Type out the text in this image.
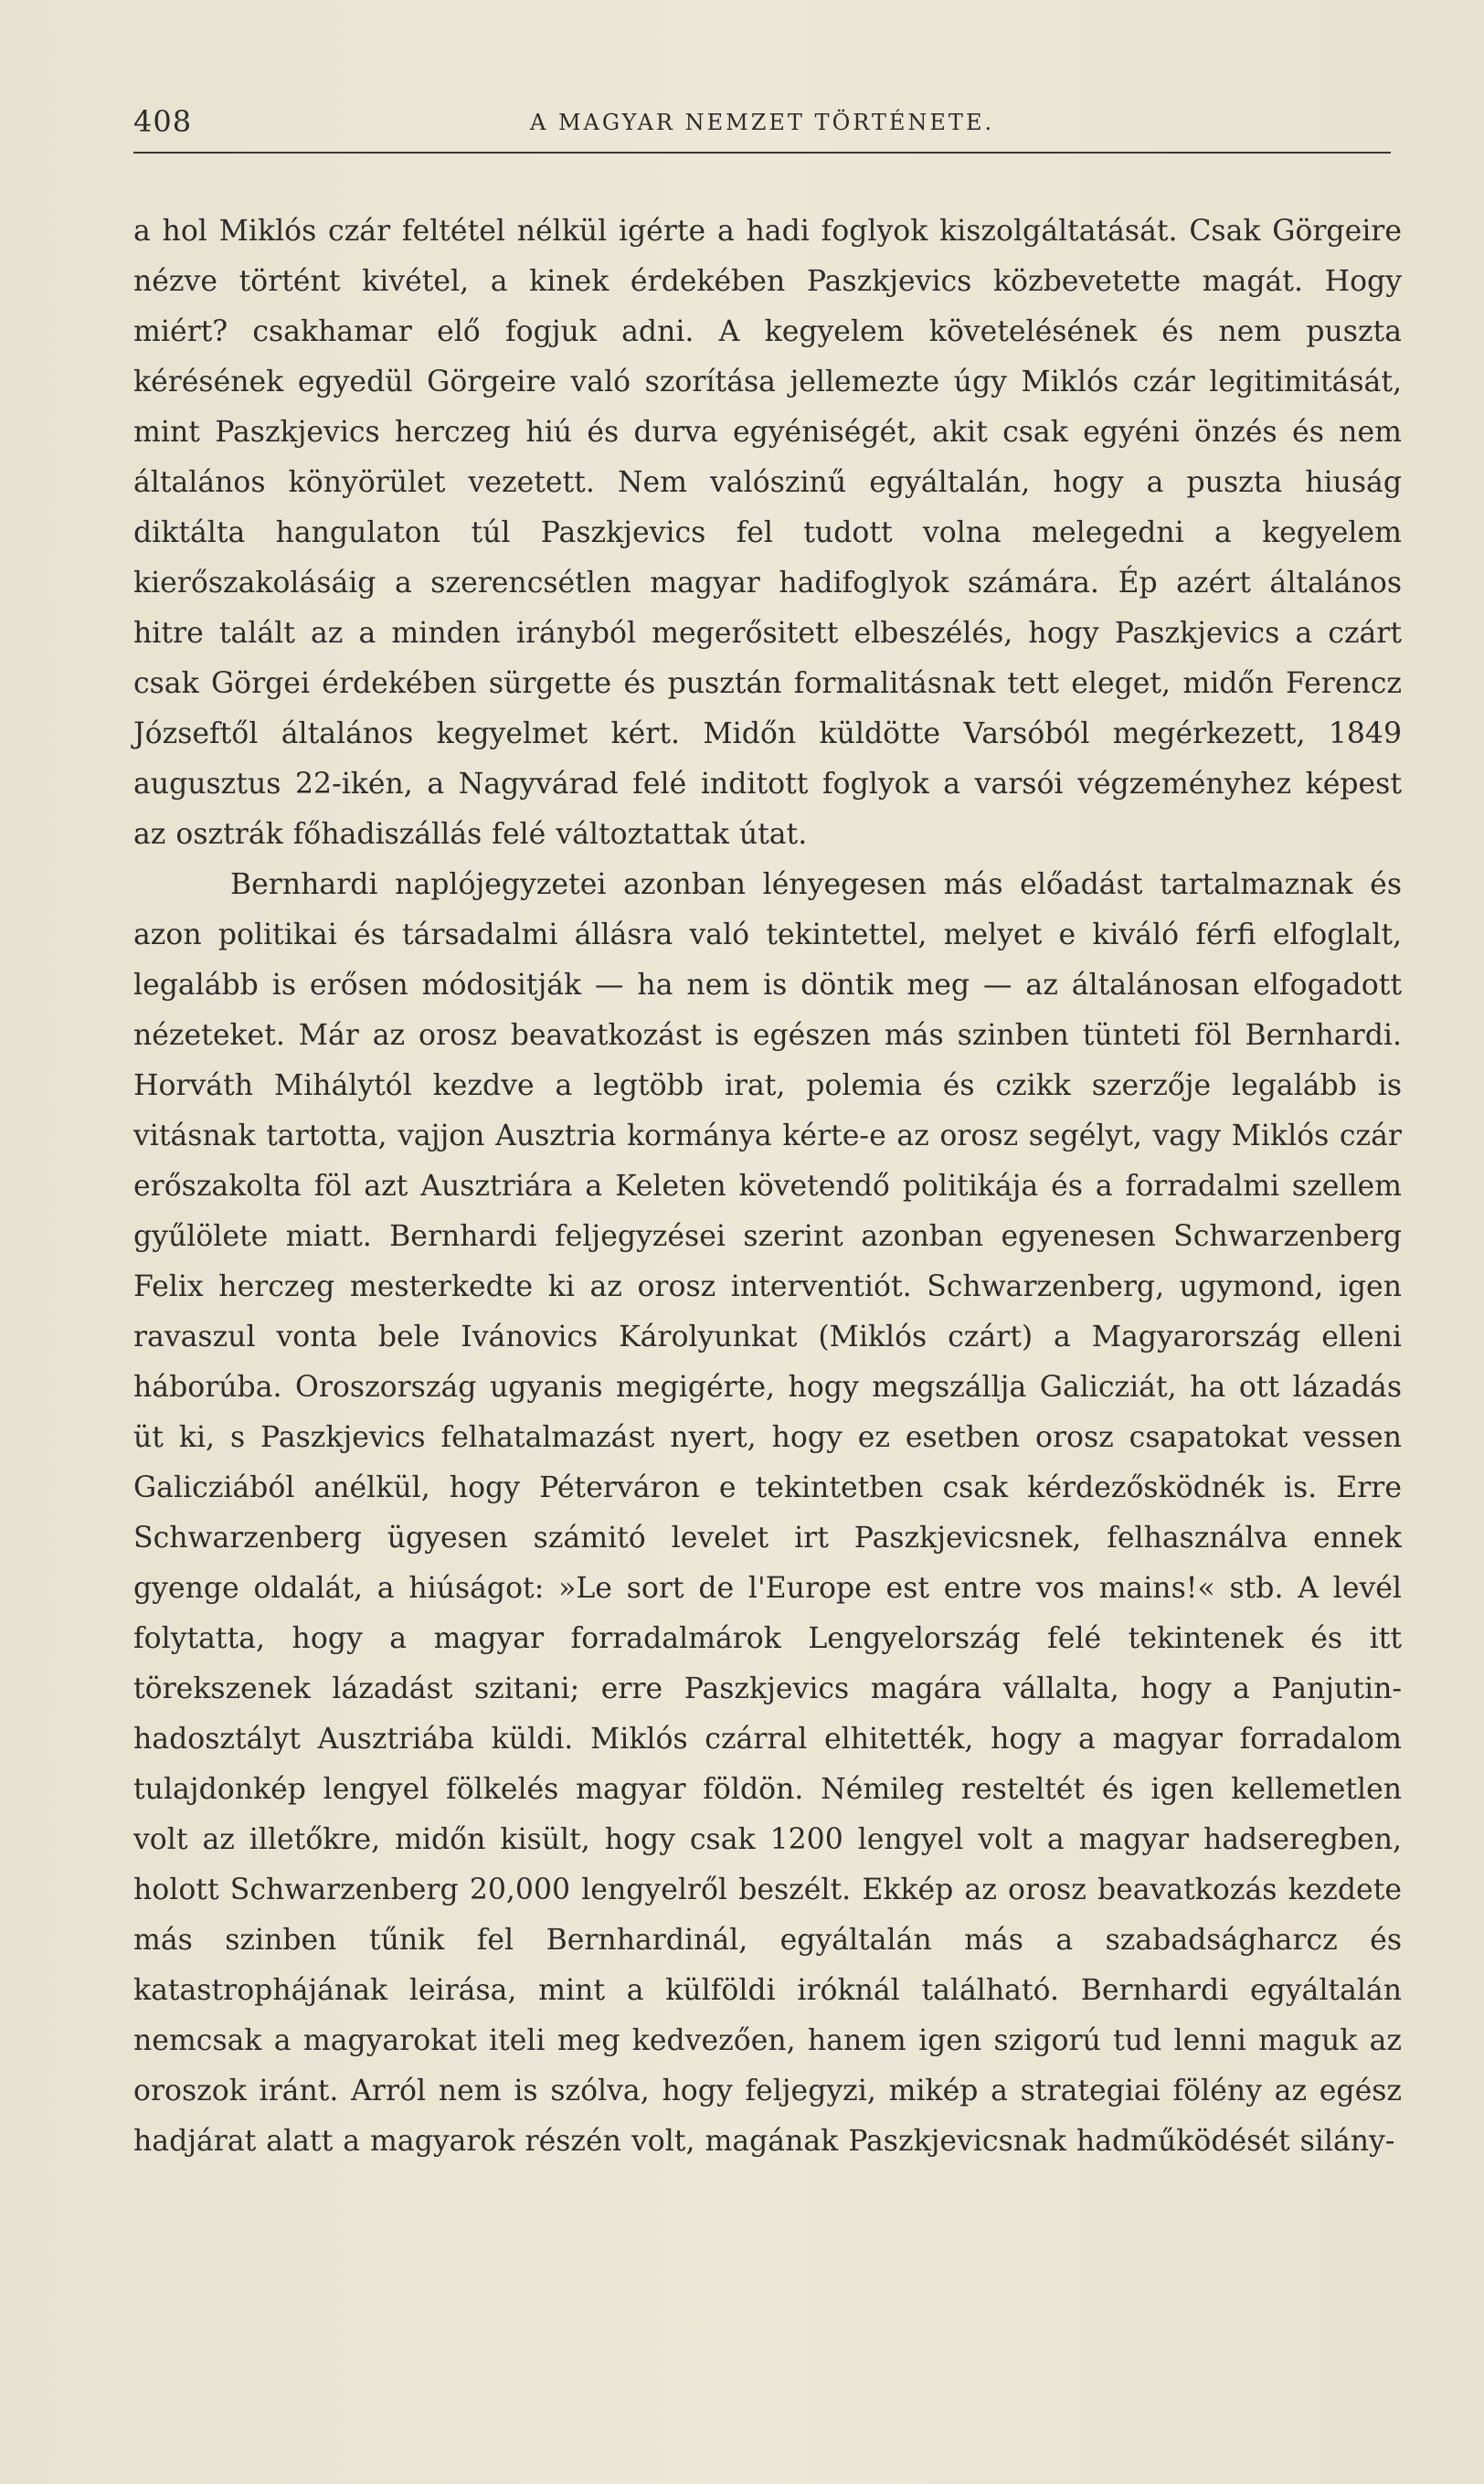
408	A MAGYAR NEMZET TÖRTÉNETE.

a hol Miklós czár feltétel nélkül igérte a hadi foglyok kiszolgáltatását. Csak Görgeire nézve történt kivétel, a kinek érdekében Paszkjevics közbevetette magát. Hogy miért? csakhamar elő fogjuk adni. A kegyelem követelésének és nem puszta kérésének egyedül Görgeire való szorítása jellemezte úgy Miklós czár legitimitását, mint Paszkjevics herczeg hiú és durva egyéniségét, akit csak egyéni önzés és nem általános könyörület vezetett. Nem valószinű egyáltalán, hogy a puszta hiuság diktálta hangulaton túl Paszkjevics fel tudott volna melegedni a kegyelem kierőszakolásáig a szerencsétlen magyar hadifoglyok számára. Ép azért általános hitre talált az a minden irányból megerősitett elbeszélés, hogy Paszkjevics a czárt csak Görgei érdekében sürgette és pusztán formalitásnak tett eleget, midőn Ferencz Józseftől általános kegyelmet kért. Midőn küldötte Varsóból megérkezett, 1849 augusztus 22-ikén, a Nagyvárad felé inditott foglyok a varsói végzeményhez képest az osztrák főhadiszállás felé változtattak útat.

Bernhardi naplójegyzetei azonban lényegesen más előadást tartalmaznak és azon politikai és társadalmi állásra való tekintettel, melyet e kiváló férfi elfoglalt, legalább is erősen módositják — ha nem is döntik meg — az általánosan elfogadott nézeteket. Már az orosz beavatkozást is egészen más szinben tünteti föl Bernhardi. Horváth Mihálytól kezdve a legtöbb irat, polemia és czikk szerzője legalább is vitásnak tartotta, vajjon Ausztria kormánya kérte-e az orosz segélyt, vagy Miklós czár erőszakolta föl azt Ausztriára a Keleten követendő politikája és a forradalmi szellem gyűlölete miatt. Bernhardi feljegyzései szerint azonban egyenesen Schwarzenberg Felix herczeg mesterkedte ki az orosz interventiót. Schwarzenberg, ugymond, igen ravaszul vonta bele Ivánovics Károlyunkat (Miklós czárt) a Magyarország elleni háborúba. Oroszország ugyanis megigérte, hogy megszállja Galicziát, ha ott lázadás üt ki, s Paszkjevics felhatalmazást nyert, hogy ez esetben orosz csapatokat vessen Galicziából anélkül, hogy Péterváron e tekintetben csak kérdezősködnék is. Erre Schwarzenberg ügyesen számitó levelet irt Paszkjevicsnek, felhasználva ennek gyenge oldalát, a hiúságot: »Le sort de l'Europe est entre vos mains!« stb. A levél folytatta, hogy a magyar forradalmárok Lengyelország felé tekintenek és itt törekszenek lázadást szitani; erre Paszkjevics magára vállalta, hogy a Panjutin-hadosztályt Ausztriába küldi. Miklós czárral elhitették, hogy a magyar forradalom tulajdonkép lengyel fölkelés magyar földön. Némileg resteltét és igen kellemetlen volt az illetőkre, midőn kisült, hogy csak 1200 lengyel volt a magyar hadseregben, holott Schwarzenberg 20,000 lengyelről beszélt. Ekkép az orosz beavatkozás kezdete más szinben tűnik fel Bernhardinál, egyáltalán más a szabadságharcz és katastrophájának leirása, mint a külföldi iróknál található. Bernhardi egyáltalán nemcsak a magyarokat iteli meg kedvezően, hanem igen szigorú tud lenni maguk az oroszok iránt. Arról nem is szólva, hogy feljegyzi, mikép a strategiai fölény az egész hadjárat alatt a magyarok részén volt, magának Paszkjevicsnak hadműködését silány-
